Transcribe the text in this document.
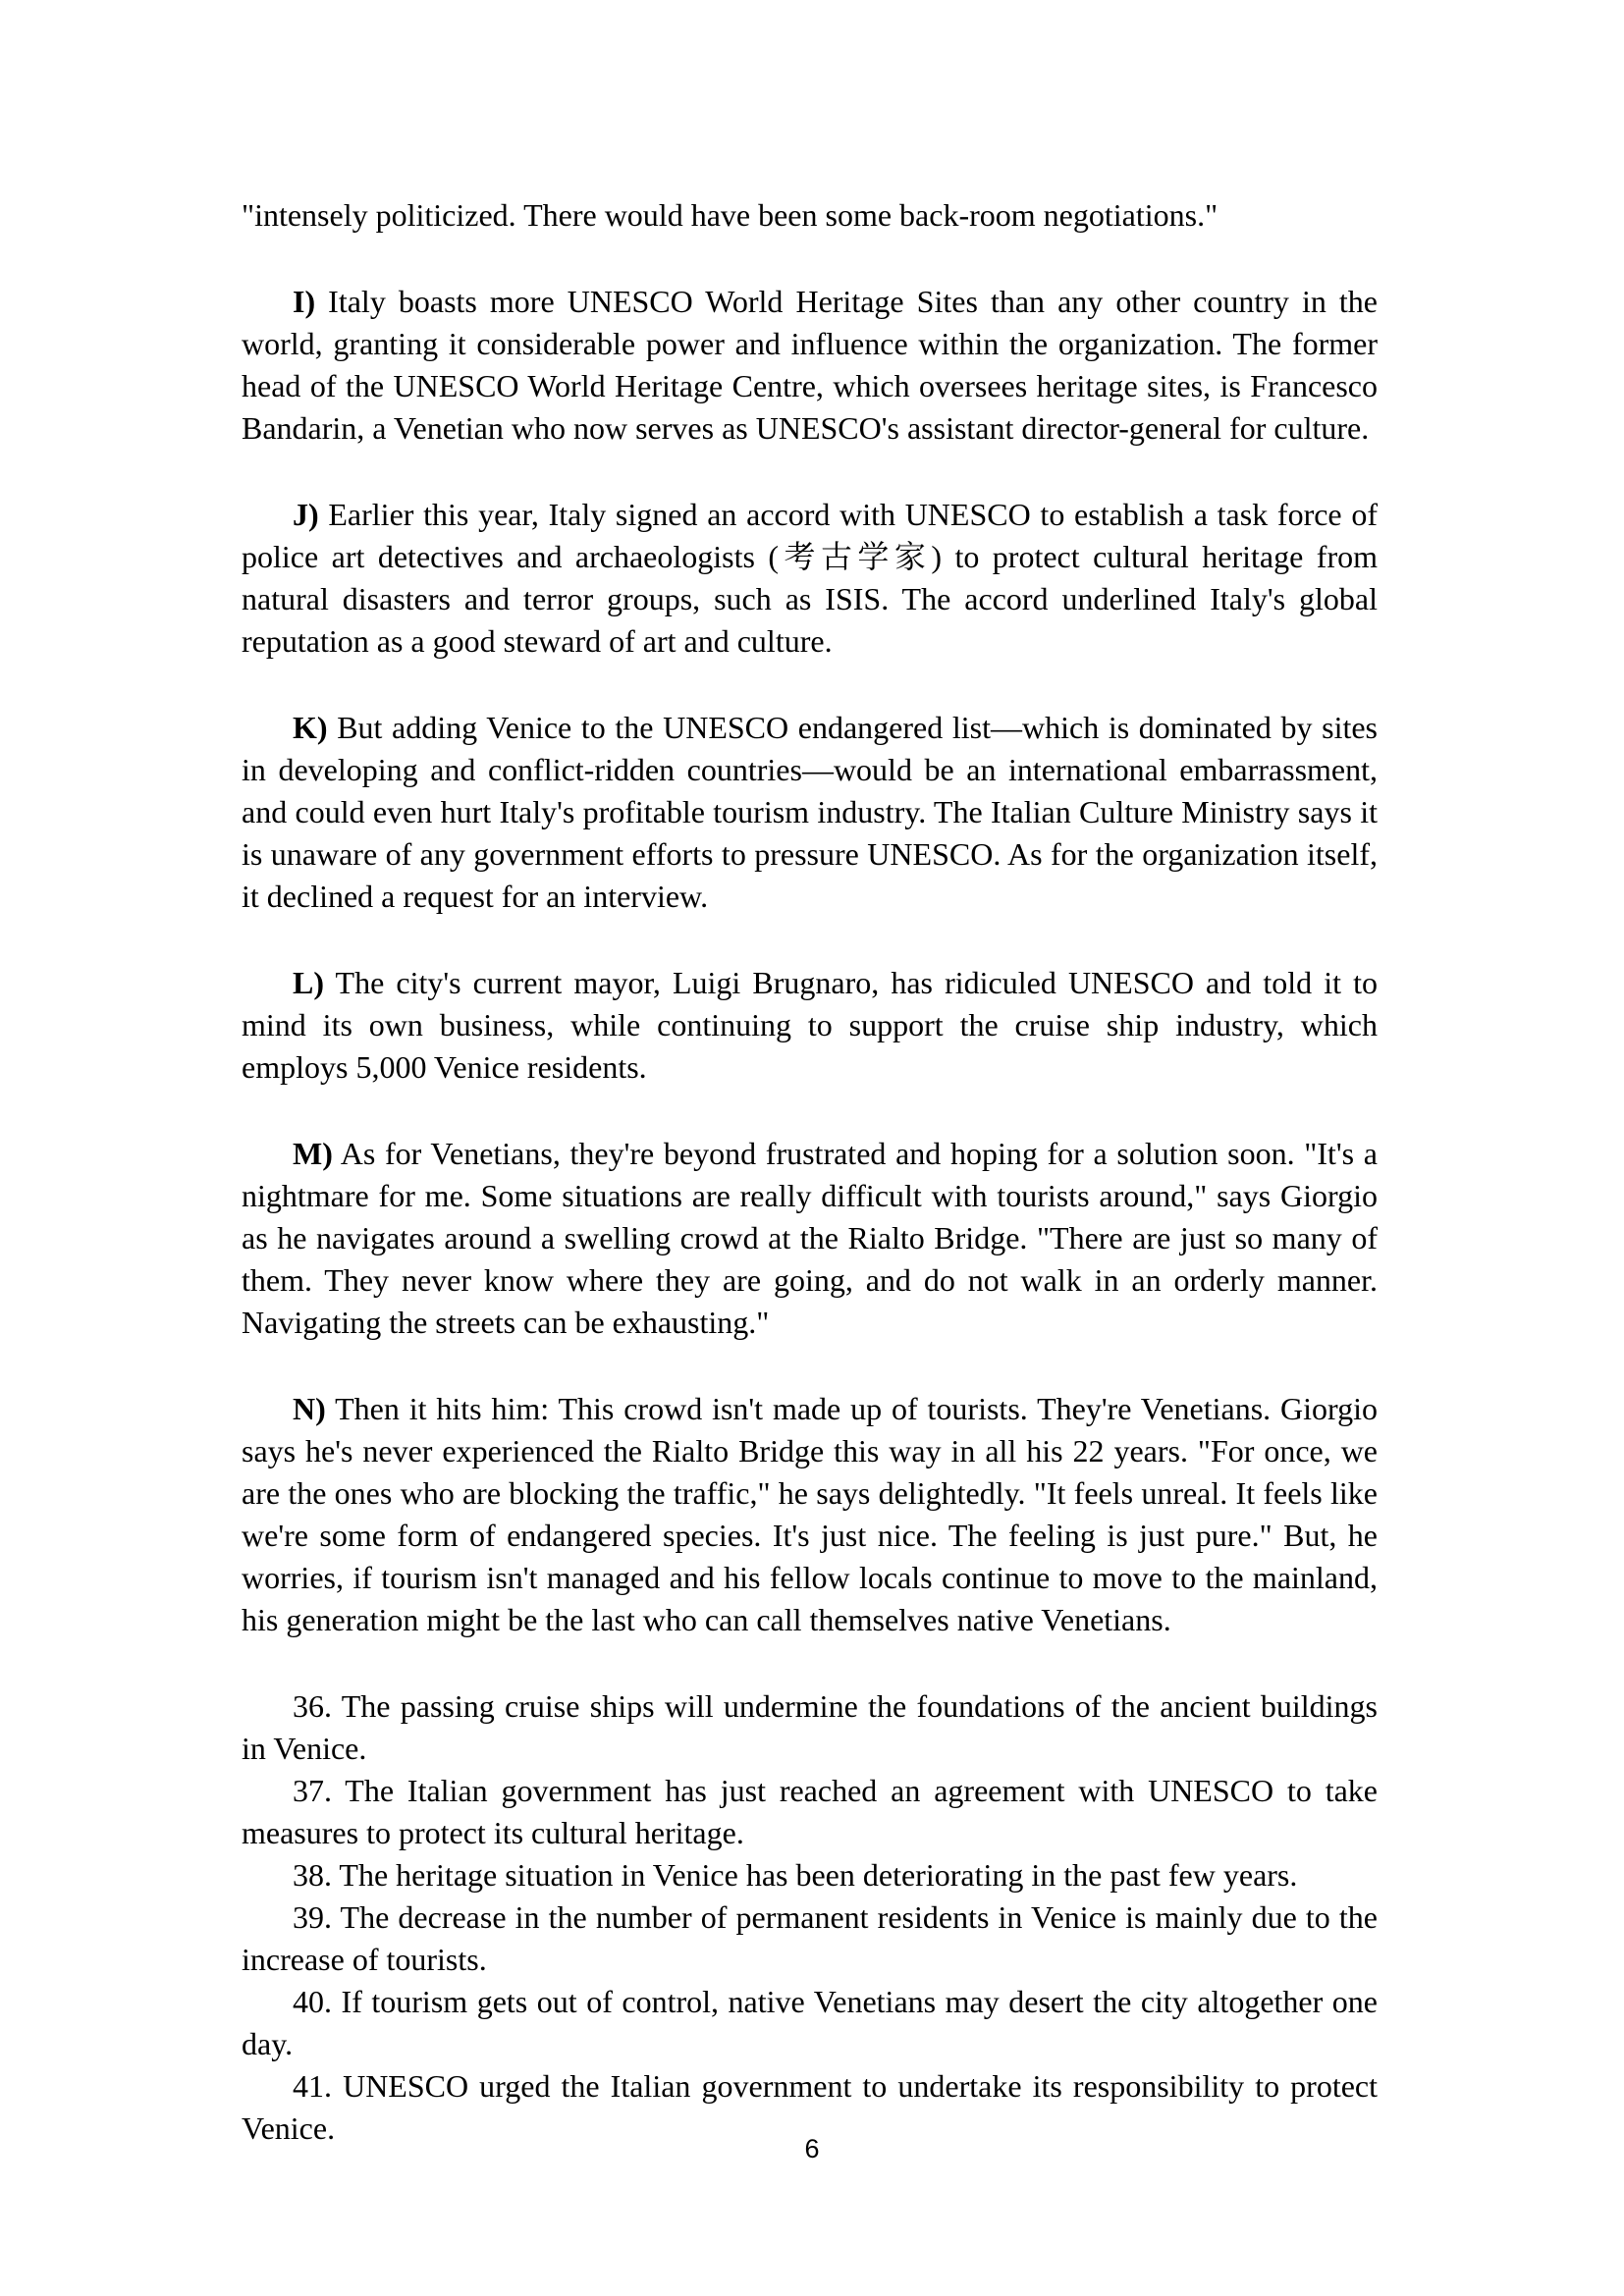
"intensely politicized. There would have been some back-room negotiations."

I) Italy boasts more UNESCO World Heritage Sites than any other country in the world, granting it considerable power and influence within the organization. The former head of the UNESCO World Heritage Centre, which oversees heritage sites, is Francesco Bandarin, a Venetian who now serves as UNESCO's assistant director-general for culture.

J) Earlier this year, Italy signed an accord with UNESCO to establish a task force of police art detectives and archaeologists (考古学家) to protect cultural heritage from natural disasters and terror groups, such as ISIS. The accord underlined Italy's global reputation as a good steward of art and culture.

K) But adding Venice to the UNESCO endangered list—which is dominated by sites in developing and conflict-ridden countries—would be an international embarrassment, and could even hurt Italy's profitable tourism industry. The Italian Culture Ministry says it is unaware of any government efforts to pressure UNESCO. As for the organization itself, it declined a request for an interview.

L) The city's current mayor, Luigi Brugnaro, has ridiculed UNESCO and told it to mind its own business, while continuing to support the cruise ship industry, which employs 5,000 Venice residents.

M) As for Venetians, they're beyond frustrated and hoping for a solution soon. "It's a nightmare for me. Some situations are really difficult with tourists around," says Giorgio as he navigates around a swelling crowd at the Rialto Bridge. "There are just so many of them. They never know where they are going, and do not walk in an orderly manner. Navigating the streets can be exhausting."

N) Then it hits him: This crowd isn't made up of tourists. They're Venetians. Giorgio says he's never experienced the Rialto Bridge this way in all his 22 years. "For once, we are the ones who are blocking the traffic," he says delightedly. "It feels unreal. It feels like we're some form of endangered species. It's just nice. The feeling is just pure." But, he worries, if tourism isn't managed and his fellow locals continue to move to the mainland, his generation might be the last who can call themselves native Venetians.

36. The passing cruise ships will undermine the foundations of the ancient buildings in Venice.

37. The Italian government has just reached an agreement with UNESCO to take measures to protect its cultural heritage.

38. The heritage situation in Venice has been deteriorating in the past few years.

39. The decrease in the number of permanent residents in Venice is mainly due to the increase of tourists.

40. If tourism gets out of control, native Venetians may desert the city altogether one day.

41. UNESCO urged the Italian government to undertake its responsibility to protect Venice.

6
